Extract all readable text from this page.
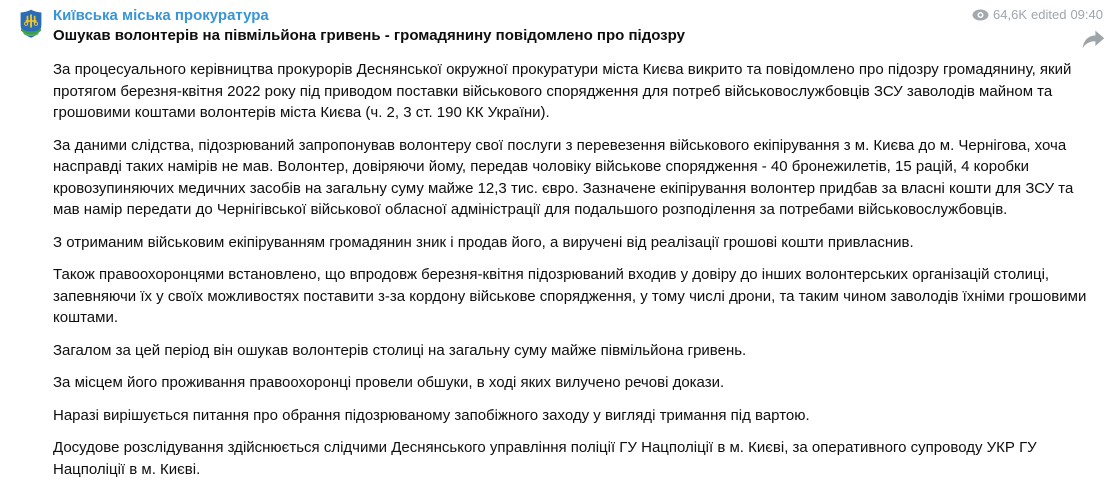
Київська міська прокуратура
Ошукав волонтерів на півмільйона гривень - громадянину повідомлено про підозру

За процесуального керівництва прокурорів Деснянської окружної прокуратури міста Києва викрито та повідомлено про підозру громадянину, який протягом березня-квітня 2022 року під приводом поставки військового спорядження для потреб військовослужбовців ЗСУ заволодів майном та грошовими коштами волонтерів міста Києва (ч. 2, 3 ст. 190 КК України).

За даними слідства, підозрюваний запропонував волонтеру свої послуги з перевезення військового екіпірування з м. Києва до м. Чернігова, хоча насправді таких намірів не мав. Волонтер, довіряючи йому, передав чоловіку військове спорядження - 40 бронежилетів, 15 рацій, 4 коробки кровозупиняючих медичних засобів на загальну суму майже 12,3 тис. євро. Зазначене екіпірування волонтер придбав за власні кошти для ЗСУ та мав намір передати до Чернігівської військової обласної адміністрації для подальшого розподілення за потребами військовослужбовців.

З отриманим військовим екіпіруванням громадянин зник і продав його, а виручені від реалізації грошові кошти привласнив.

Також правоохоронцями встановлено, що впродовж березня-квітня підозрюваний входив у довіру до інших волонтерських організацій столиці, запевняючи їх у своїх можливостях поставити з-за кордону військове спорядження, у тому числі дрони, та таким чином заволодів їхніми грошовими коштами.

Загалом за цей період він ошукав волонтерів столиці на загальну суму майже півмільйона гривень.

За місцем його проживання правоохоронці провели обшуки, в ході яких вилучено речові докази.

Наразі вирішується питання про обрання підозрюваному запобіжного заходу у вигляді тримання під вартою.

Досудове розслідування здійснюється слідчими Деснянського управління поліції ГУ Нацполіції в м. Києві, за оперативного супроводу УКР ГУ Нацполіції в м. Києві.

64,6K edited 09:40
